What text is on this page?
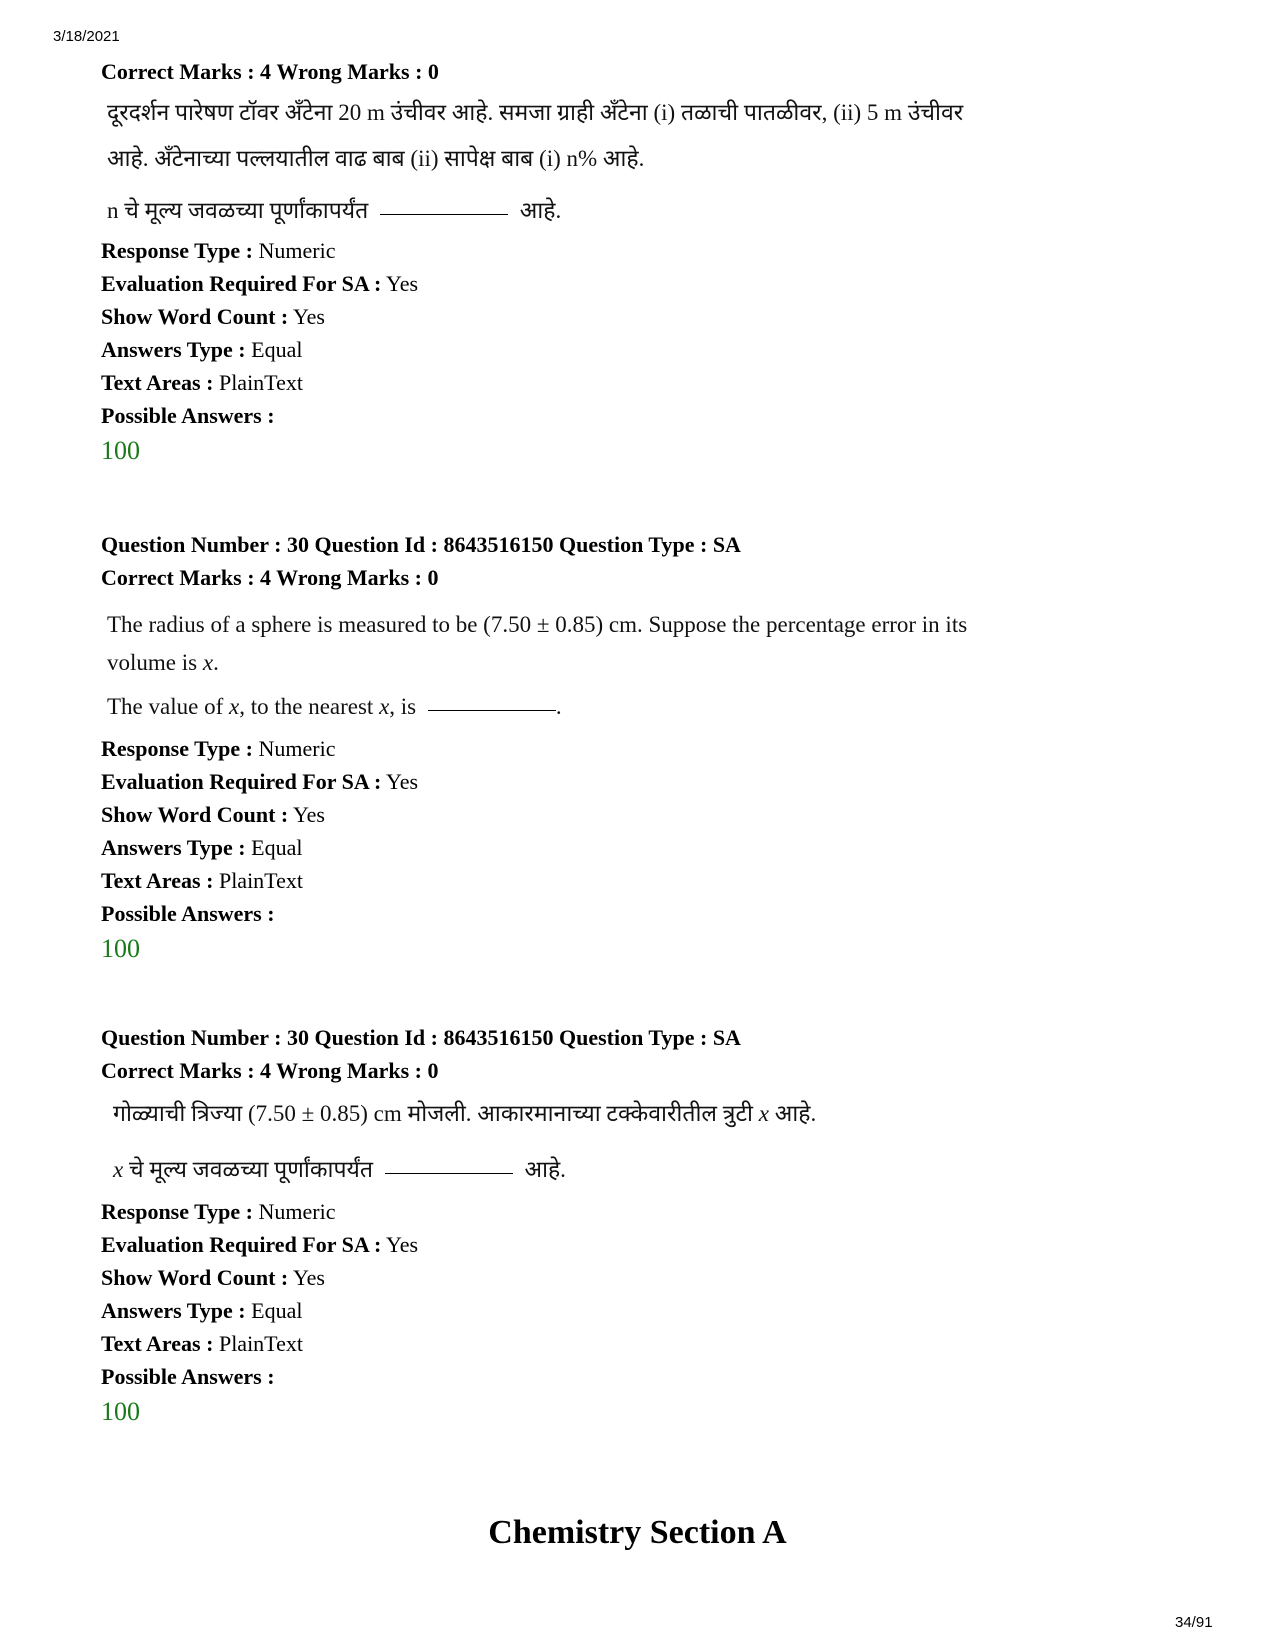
3/18/2021
Correct Marks : 4 Wrong Marks : 0

दूरदर्शन पारेषण टॉवर अँटेना 20 m उंचीवर आहे. समजा ग्राही अँटेना (i) तळाची पातळीवर, (ii) 5 m उंचीवर

आहे. अँटेनाच्या पल्लयातील वाढ बाब (ii) सापेक्ष बाब (i) n% आहे.

n चे मूल्य जवळच्या पूर्णांकापर्यंत	आहे.

Response Type : Numeric
Evaluation Required For SA : Yes
Show Word Count : Yes
Answers Type : Equal
Text Areas : PlainText
Possible Answers :
100
Question Number : 30 Question Id : 8643516150 Question Type : SA
Correct Marks : 4 Wrong Marks : 0

The radius of a sphere is measured to be (7.50 ± 0.85) cm. Suppose the percentage error in its

volume is x.

The value of x, to the nearest x, is	.

Response Type : Numeric
Evaluation Required For SA : Yes
Show Word Count : Yes
Answers Type : Equal
Text Areas : PlainText
Possible Answers :
100
Question Number : 30 Question Id : 8643516150 Question Type : SA
Correct Marks : 4 Wrong Marks : 0

गोळ्याची त्रिज्या (7.50 ± 0.85) cm मोजली. आकारमानाच्या टक्केवारीतील त्रुटी x आहे.

x चे मूल्य जवळच्या पूर्णांकापर्यंत	आहे.

Response Type : Numeric
Evaluation Required For SA : Yes
Show Word Count : Yes
Answers Type : Equal
Text Areas : PlainText
Possible Answers :
100
Chemistry Section A
34/91
